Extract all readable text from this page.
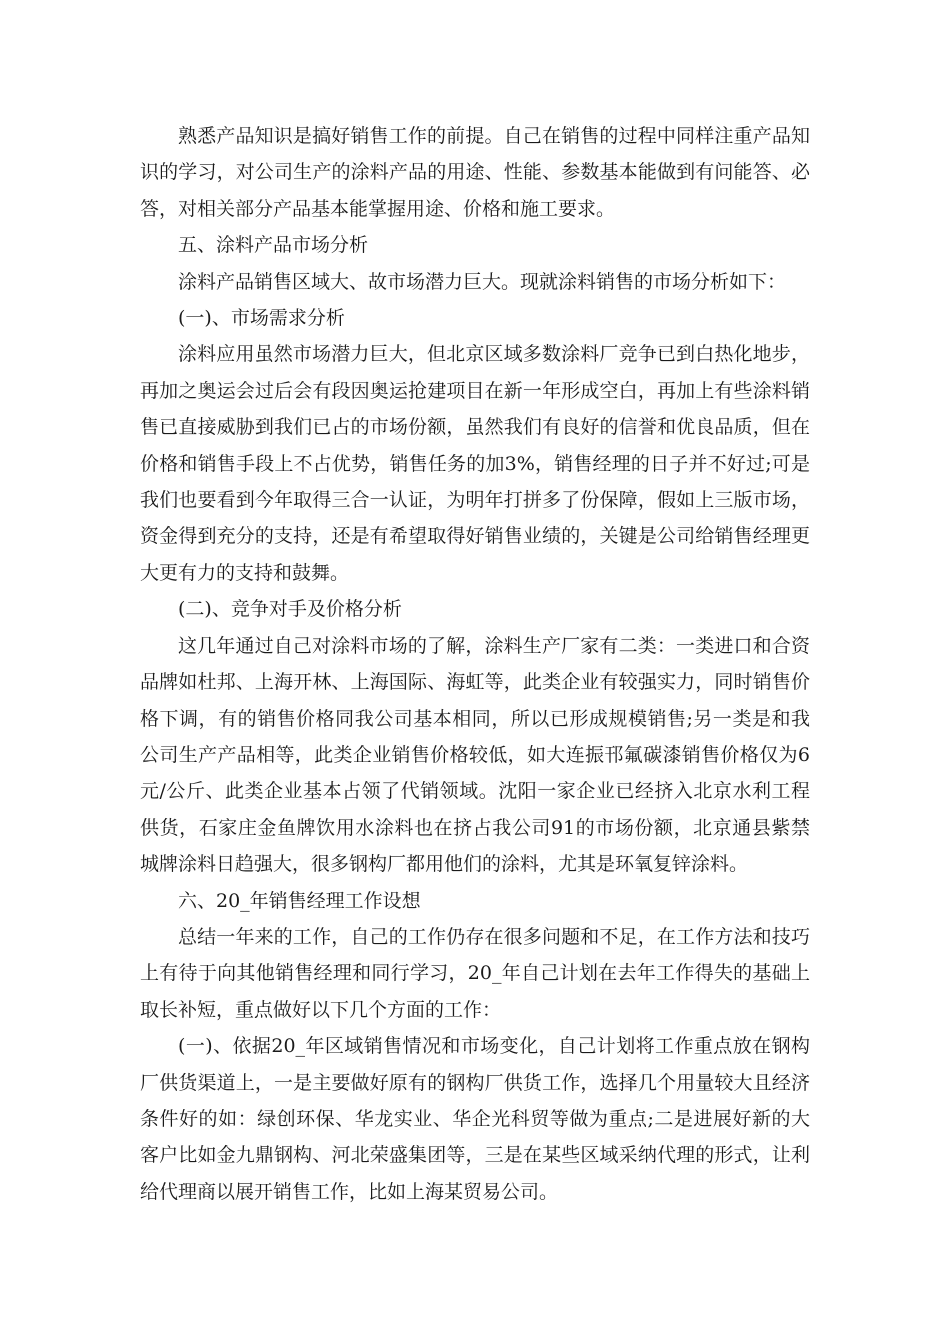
熟悉产品知识是搞好销售工作的前提。自己在销售的过程中同样注重产品知识的学习，对公司生产的涂料产品的用途、性能、参数基本能做到有问能答、必答，对相关部分产品基本能掌握用途、价格和施工要求。

五、涂料产品市场分析

涂料产品销售区域大、故市场潜力巨大。现就涂料销售的市场分析如下：

(一)、市场需求分析

涂料应用虽然市场潜力巨大，但北京区域多数涂料厂竞争已到白热化地步，再加之奥运会过后会有段因奥运抢建项目在新一年形成空白，再加上有些涂料销售已直接威胁到我们已占的市场份额，虽然我们有良好的信誉和优良品质，但在价格和销售手段上不占优势，销售任务的加3%，销售经理的日子并不好过;可是我们也要看到今年取得三合一认证，为明年打拼多了份保障，假如上三版市场，资金得到充分的支持，还是有希望取得好销售业绩的，关键是公司给销售经理更大更有力的支持和鼓舞。

(二)、竞争对手及价格分析

这几年通过自己对涂料市场的了解，涂料生产厂家有二类：一类进口和合资品牌如杜邦、上海开林、上海国际、海虹等，此类企业有较强实力，同时销售价格下调，有的销售价格同我公司基本相同，所以已形成规模销售;另一类是和我公司生产产品相等，此类企业销售价格较低，如大连振邗氟碳漆销售价格仅为6元/公斤、此类企业基本占领了代销领域。沈阳一家企业已经挤入北京水利工程供货，石家庄金鱼牌饮用水涂料也在挤占我公司91的市场份额，北京通县紫禁城牌涂料日趋强大，很多钢构厂都用他们的涂料，尤其是环氧复锌涂料。

六、20_年销售经理工作设想

总结一年来的工作，自己的工作仍存在很多问题和不足，在工作方法和技巧上有待于向其他销售经理和同行学习，20_年自己计划在去年工作得失的基础上取长补短，重点做好以下几个方面的工作：

(一)、依据20_年区域销售情况和市场变化，自己计划将工作重点放在钢构厂供货渠道上，一是主要做好原有的钢构厂供货工作，选择几个用量较大且经济条件好的如：绿创环保、华龙实业、华企光科贸等做为重点;二是进展好新的大客户比如金九鼎钢构、河北荣盛集团等，三是在某些区域采纳代理的形式，让利给代理商以展开销售工作，比如上海某贸易公司。
